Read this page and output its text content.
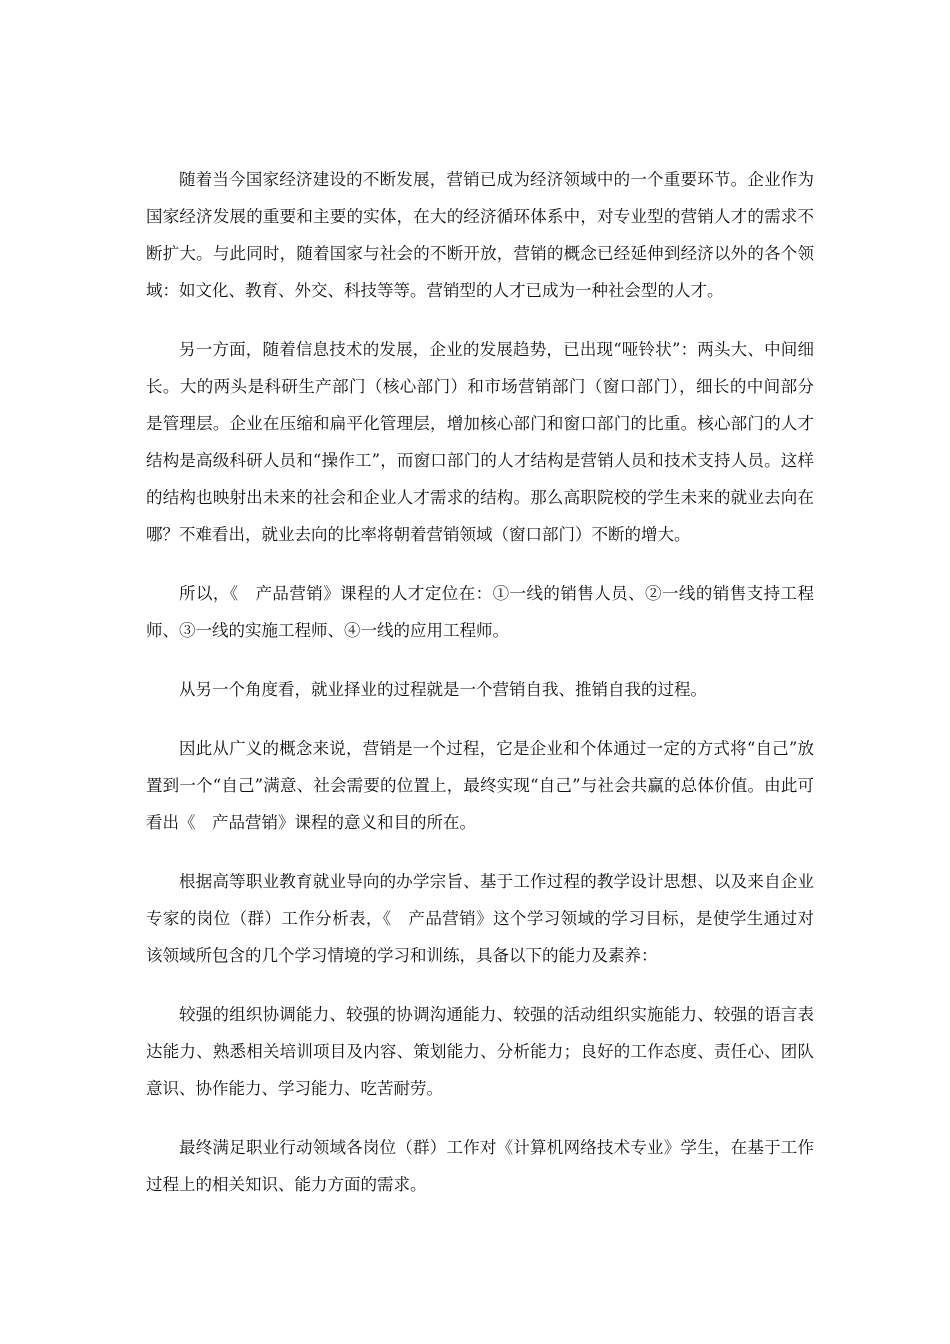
随着当今国家经济建设的不断发展，营销已成为经济领域中的一个重要环节。企业作为国家经济发展的重要和主要的实体，在大的经济循环体系中，对专业型的营销人才的需求不断扩大。与此同时，随着国家与社会的不断开放，营销的概念已经延伸到经济以外的各个领域：如文化、教育、外交、科技等等。营销型的人才已成为一种社会型的人才。

另一方面，随着信息技术的发展，企业的发展趋势，已出现“哑铃状”：两头大、中间细长。大的两头是科研生产部门（核心部门）和市场营销部门（窗口部门），细长的中间部分是管理层。企业在压缩和扁平化管理层，增加核心部门和窗口部门的比重。核心部门的人才结构是高级科研人员和“操作工”，而窗口部门的人才结构是营销人员和技术支持人员。这样的结构也映射出未来的社会和企业人才需求的结构。那么高职院校的学生未来的就业去向在哪？不难看出，就业去向的比率将朝着营销领域（窗口部门）不断的增大。

所以，《　产品营销》课程的人才定位在：①一线的销售人员、②一线的销售支持工程师、③一线的实施工程师、④一线的应用工程师。

从另一个角度看，就业择业的过程就是一个营销自我、推销自我的过程。

因此从广义的概念来说，营销是一个过程，它是企业和个体通过一定的方式将“自己”放置到一个“自己”满意、社会需要的位置上，最终实现“自己”与社会共赢的总体价值。由此可看出《　产品营销》课程的意义和目的所在。

根据高等职业教育就业导向的办学宗旨、基于工作过程的教学设计思想、以及来自企业专家的岗位（群）工作分析表，《　产品营销》这个学习领域的学习目标，是使学生通过对该领域所包含的几个学习情境的学习和训练，具备以下的能力及素养：

较强的组织协调能力、较强的协调沟通能力、较强的活动组织实施能力、较强的语言表达能力、熟悉相关培训项目及内容、策划能力、分析能力；良好的工作态度、责任心、团队意识、协作能力、学习能力、吃苦耐劳。

最终满足职业行动领域各岗位（群）工作对《计算机网络技术专业》学生，在基于工作过程上的相关知识、能力方面的需求。
